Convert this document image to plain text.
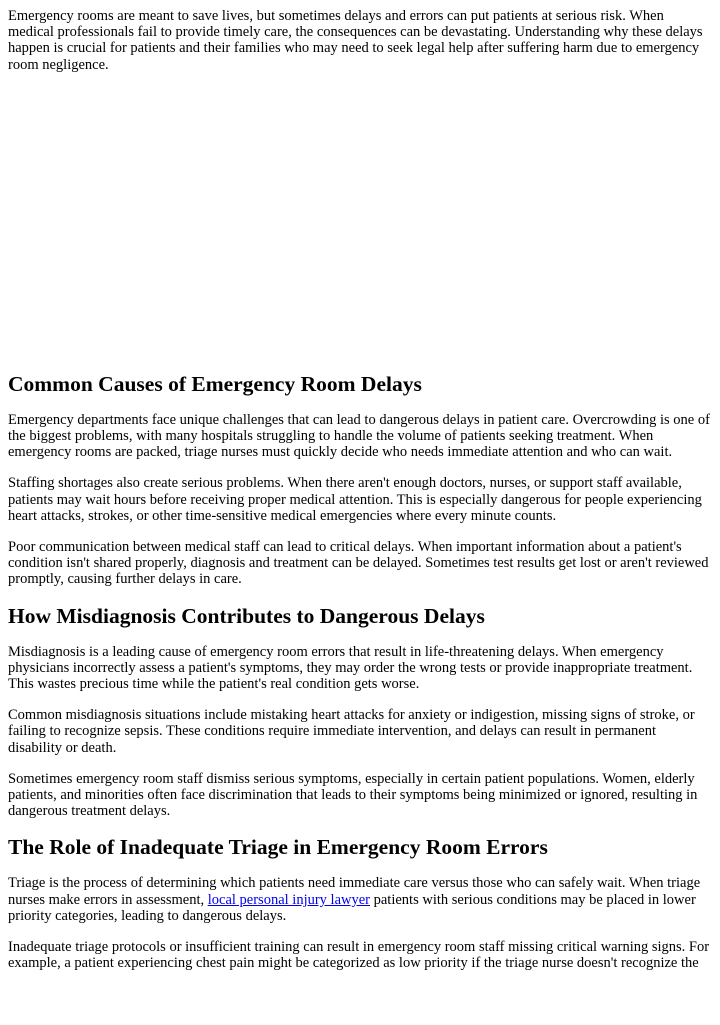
Emergency rooms are meant to save lives, but sometimes delays and errors can put patients at serious risk. When medical professionals fail to provide timely care, the consequences can be devastating. Understanding why these delays happen is crucial for patients and their families who may need to seek legal help after suffering harm due to emergency room negligence.

Common Causes of Emergency Room Delays

Emergency departments face unique challenges that can lead to dangerous delays in patient care. Overcrowding is one of the biggest problems, with many hospitals struggling to handle the volume of patients seeking treatment. When emergency rooms are packed, triage nurses must quickly decide who needs immediate attention and who can wait.

Staffing shortages also create serious problems. When there aren't enough doctors, nurses, or support staff available, patients may wait hours before receiving proper medical attention. This is especially dangerous for people experiencing heart attacks, strokes, or other time-sensitive medical emergencies where every minute counts.

Poor communication between medical staff can lead to critical delays. When important information about a patient's condition isn't shared properly, diagnosis and treatment can be delayed. Sometimes test results get lost or aren't reviewed promptly, causing further delays in care.

How Misdiagnosis Contributes to Dangerous Delays

Misdiagnosis is a leading cause of emergency room errors that result in life-threatening delays. When emergency physicians incorrectly assess a patient's symptoms, they may order the wrong tests or provide inappropriate treatment. This wastes precious time while the patient's real condition gets worse.

Common misdiagnosis situations include mistaking heart attacks for anxiety or indigestion, missing signs of stroke, or failing to recognize sepsis. These conditions require immediate intervention, and delays can result in permanent disability or death.

Sometimes emergency room staff dismiss serious symptoms, especially in certain patient populations. Women, elderly patients, and minorities often face discrimination that leads to their symptoms being minimized or ignored, resulting in dangerous treatment delays.

The Role of Inadequate Triage in Emergency Room Errors

Triage is the process of determining which patients need immediate care versus those who can safely wait. When triage nurses make errors in assessment, local personal injury lawyer patients with serious conditions may be placed in lower priority categories, leading to dangerous delays.

Inadequate triage protocols or insufficient training can result in emergency room staff missing critical warning signs. For example, a patient experiencing chest pain might be categorized as low priority if the triage nurse doesn't recognize the
